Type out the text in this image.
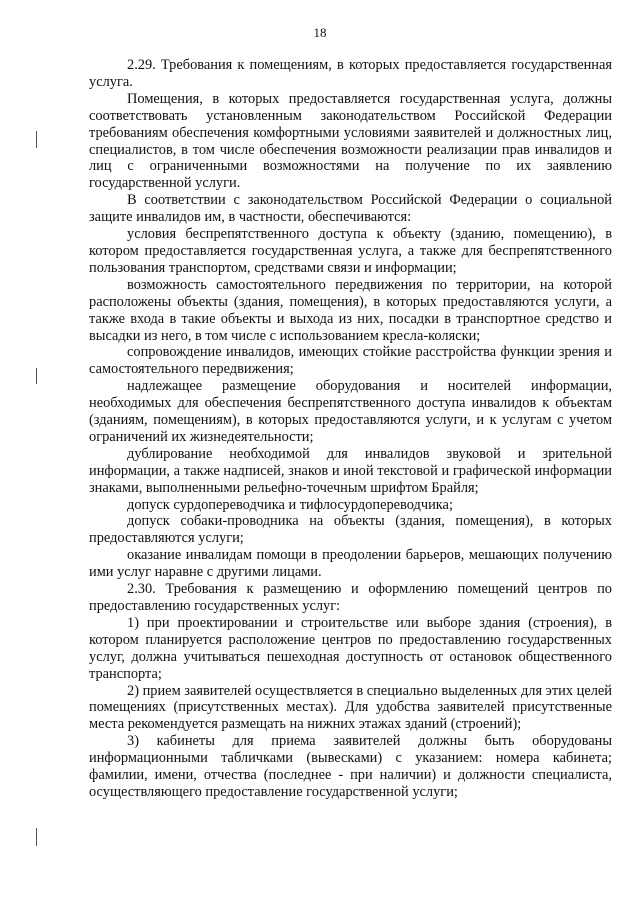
18

2.29. Требования к помещениям, в которых предоставляется государственная услуга.

Помещения, в которых предоставляется государственная услуга, должны соответствовать установленным законодательством Российской Федерации требованиям обеспечения комфортными условиями заявителей и должностных лиц, специалистов, в том числе обеспечения возможности реализации прав инвалидов и лиц с ограниченными возможностями на получение по их заявлению государственной услуги.

В соответствии с законодательством Российской Федерации о социальной защите инвалидов им, в частности, обеспечиваются:

условия беспрепятственного доступа к объекту (зданию, помещению), в котором предоставляется государственная услуга, а также для беспрепятственного пользования транспортом, средствами связи и информации;

возможность самостоятельного передвижения по территории, на которой расположены объекты (здания, помещения), в которых предоставляются услуги, а также входа в такие объекты и выхода из них, посадки в транспортное средство и высадки из него, в том числе с использованием кресла-коляски;

сопровождение инвалидов, имеющих стойкие расстройства функции зрения и самостоятельного передвижения;

надлежащее размещение оборудования и носителей информации, необходимых для обеспечения беспрепятственного доступа инвалидов к объектам (зданиям, помещениям), в которых предоставляются услуги, и к услугам с учетом ограничений их жизнедеятельности;

дублирование необходимой для инвалидов звуковой и зрительной информации, а также надписей, знаков и иной текстовой и графической информации знаками, выполненными рельефно-точечным шрифтом Брайля;

допуск сурдопереводчика и тифлосурдопереводчика;

допуск собаки-проводника на объекты (здания, помещения), в которых предоставляются услуги;

оказание инвалидам помощи в преодолении барьеров, мешающих получению ими услуг наравне с другими лицами.

2.30. Требования к размещению и оформлению помещений центров по предоставлению государственных услуг:

1) при проектировании и строительстве или выборе здания (строения), в котором планируется расположение центров по предоставлению государственных услуг, должна учитываться пешеходная доступность от остановок общественного транспорта;

2) прием заявителей осуществляется в специально выделенных для этих целей помещениях (присутственных местах). Для удобства заявителей присутственные места рекомендуется размещать на нижних этажах зданий (строений);

3) кабинеты для приема заявителей должны быть оборудованы информационными табличками (вывесками) с указанием: номера кабинета; фамилии, имени, отчества (последнее - при наличии) и должности специалиста, осуществляющего предоставление государственной услуги;
